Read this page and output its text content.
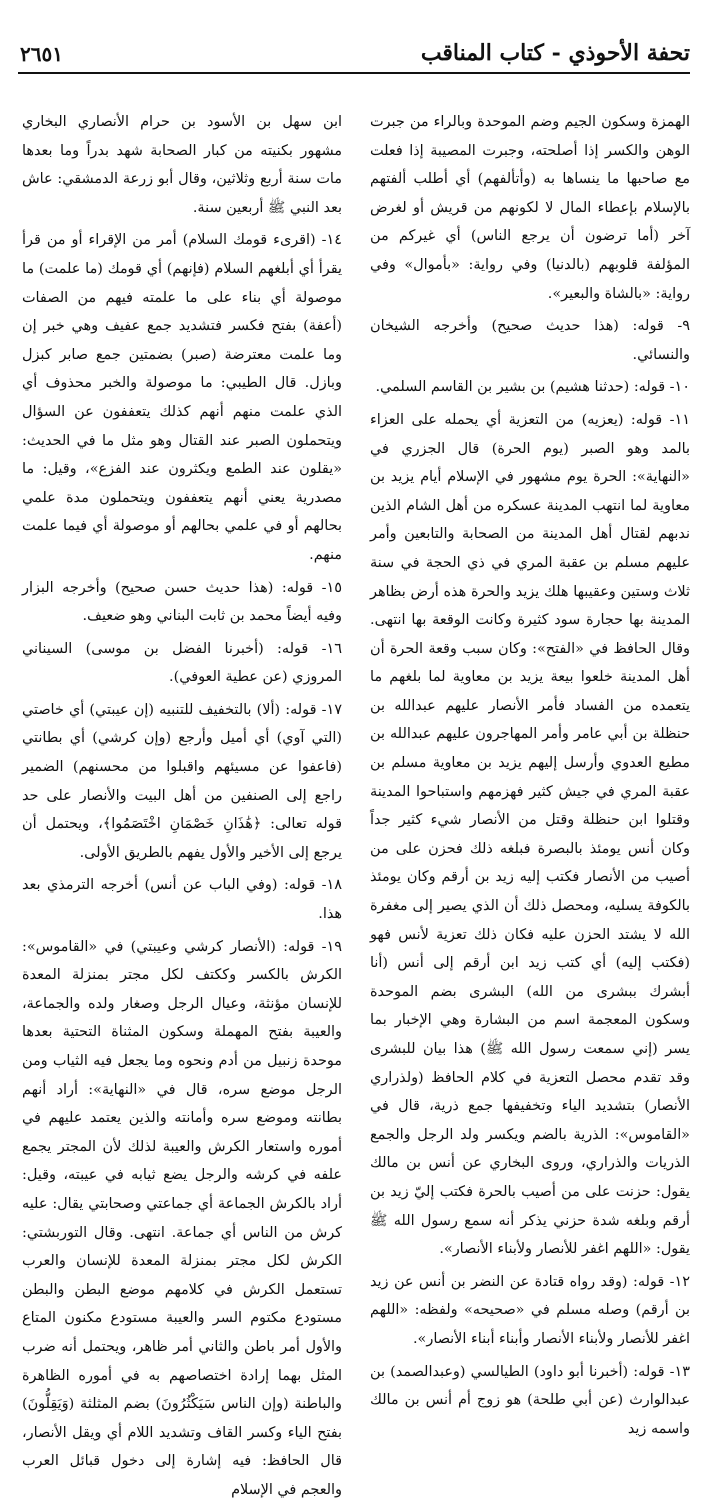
٢٦٥١	تحفة الأحوذي - كتاب المناقب

الهمزة وسكون الجيم وضم الموحدة وبالراء من جبرت الوهن والكسر إذا أصلحته، وجبرت المصيبة إذا فعلت مع صاحبها ما ينساها به (وأتألفهم) أي أطلب ألفتهم بالإسلام بإعطاء المال لا لكونهم من قريش أو لغرض آخر (أما ترضون أن يرجع الناس) أي غيركم من المؤلفة قلوبهم (بالدنيا) وفي رواية: «بأموال» وفي رواية: «بالشاة والبعير».

٩- قوله: (هذا حديث صحيح) وأخرجه الشيخان والنسائي.

١٠- قوله: (حدثنا هشيم) بن بشير بن القاسم السلمي.

١١- قوله: (يعزيه) من التعزية أي يحمله على العزاء بالمد وهو الصبر (يوم الحرة) قال الجزري في «النهاية»: الحرة يوم مشهور في الإسلام أيام يزيد بن معاوية لما انتهب المدينة عسكره من أهل الشام الذين ندبهم لقتال أهل المدينة من الصحابة والتابعين وأمر عليهم مسلم بن عقبة المري في ذي الحجة في سنة ثلاث وستين وعقيبها هلك يزيد والحرة هذه أرض بظاهر المدينة بها حجارة سود كثيرة وكانت الوقعة بها انتهى. وقال الحافظ في «الفتح»: وكان سبب وقعة الحرة أن أهل المدينة خلعوا بيعة يزيد بن معاوية لما بلغهم ما يتعمده من الفساد فأمر الأنصار عليهم عبدالله بن حنظلة بن أبي عامر وأمر المهاجرون عليهم عبدالله بن مطيع العدوي وأرسل إليهم يزيد بن معاوية مسلم بن عقبة المري في جيش كثير فهزمهم واستباحوا المدينة وقتلوا ابن حنظلة وقتل من الأنصار شيء كثير جداً وكان أنس يومئذ بالبصرة فبلغه ذلك فحزن على من أصيب من الأنصار فكتب إليه زيد بن أرقم وكان يومئذ بالكوفة يسليه، ومحصل ذلك أن الذي يصير إلى مغفرة الله لا يشتد الحزن عليه فكان ذلك تعزية لأنس فهو (فكتب إليه) أي كتب زيد ابن أرقم إلى أنس (أنا أبشرك ببشرى من الله) البشرى بضم الموحدة وسكون المعجمة اسم من البشارة وهي الإخبار بما يسر (إني سمعت رسول الله ﷺ) هذا بيان للبشرى وقد تقدم محصل التعزية في كلام الحافظ (ولذراري الأنصار) بتشديد الياء وتخفيفها جمع ذرية، قال في «القاموس»: الذرية بالضم ويكسر ولد الرجل والجمع الذريات والذراري، وروى البخاري عن أنس بن مالك يقول: حزنت على من أصيب بالحرة فكتب إليّ زيد بن أرقم وبلغه شدة حزني يذكر أنه سمع رسول الله ﷺ يقول: «اللهم اغفر للأنصار ولأبناء الأنصار».

١٢- قوله: (وقد رواه قتادة عن النضر بن أنس عن زيد بن أرقم) وصله مسلم في «صحيحه» ولفظه: «اللهم اغفر للأنصار ولأبناء الأنصار وأبناء أبناء الأنصار».

١٣- قوله: (أخبرنا أبو داود) الطيالسي (وعبدالصمد) بن عبدالوارث (عن أبي طلحة) هو زوج أم أنس بن مالك واسمه زيد

ابن سهل بن الأسود بن حرام الأنصاري البخاري مشهور بكنيته من كبار الصحابة شهد بدراً وما بعدها مات سنة أربع وثلاثين، وقال أبو زرعة الدمشقي: عاش بعد النبي ﷺ أربعين سنة.

١٤- (اقرىء قومك السلام) أمر من الإقراء أو من قرأ يقرأ أي أبلغهم السلام (فإنهم) أي قومك (ما علمت) ما موصولة أي بناء على ما علمته فيهم من الصفات (أعفة) بفتح فكسر فتشديد جمع عفيف وهي خبر إن وما علمت معترضة (صبر) بضمتين جمع صابر كبزل وبازل. قال الطيبي: ما موصولة والخبر محذوف أي الذي علمت منهم أنهم كذلك يتعففون عن السؤال ويتحملون الصبر عند القتال وهو مثل ما في الحديث: «يقلون عند الطمع ويكثرون عند الفزع»، وقيل: ما مصدرية يعني أنهم يتعففون ويتحملون مدة علمي بحالهم أو في علمي بحالهم أو موصولة أي فيما علمت منهم.

١٥- قوله: (هذا حديث حسن صحيح) وأخرجه البزار وفيه أيضاً محمد بن ثابت البناني وهو ضعيف.

١٦- قوله: (أخبرنا الفضل بن موسى) السيناني المروزي (عن عطية العوفي).

١٧- قوله: (ألا) بالتخفيف للتنبيه (إن عيبتي) أي خاصتي (التي آوي) أي أميل وأرجع (وإن كرشي) أي بطانتي (فاعفوا عن مسيئهم واقبلوا من محسنهم) الضمير راجع إلى الصنفين من أهل البيت والأنصار على حد قوله تعالى: ﴿هَٰذَانِ خَصْمَانِ اخْتَصَمُوا﴾، ويحتمل أن يرجع إلى الأخير والأول يفهم بالطريق الأولى.

١٨- قوله: (وفي الباب عن أنس) أخرجه الترمذي بعد هذا.

١٩- قوله: (الأنصار كرشي وعيبتي) في «القاموس»: الكرش بالكسر وككتف لكل مجتر بمنزلة المعدة للإنسان مؤنثة، وعيال الرجل وصغار ولده والجماعة، والعيبة بفتح المهملة وسكون المثناة التحتية بعدها موحدة زنبيل من أدم ونحوه وما يجعل فيه الثياب ومن الرجل موضع سره، قال في «النهاية»: أراد أنهم بطانته وموضع سره وأمانته والذين يعتمد عليهم في أموره واستعار الكرش والعيبة لذلك لأن المجتر يجمع علفه في كرشه والرجل يضع ثيابه في عيبته، وقيل: أراد بالكرش الجماعة أي جماعتي وصحابتي يقال: عليه كرش من الناس أي جماعة. انتهى. وقال التوربشتي: الكرش لكل مجتر بمنزلة المعدة للإنسان والعرب تستعمل الكرش في كلامهم موضع البطن والبطن مستودع مكتوم السر والعيبة مستودع مكنون المتاع والأول أمر باطن والثاني أمر ظاهر، ويحتمل أنه ضرب المثل بهما إرادة اختصاصهم به في أموره الظاهرة والباطنة (وإن الناس سَيَكْثُرُونَ) بضم المثلثة (وَيَقِلُّونَ) بفتح الياء وكسر القاف وتشديد اللام أي ويقل الأنصار، قال الحافظ: فيه إشارة إلى دخول قبائل العرب والعجم في الإسلام
